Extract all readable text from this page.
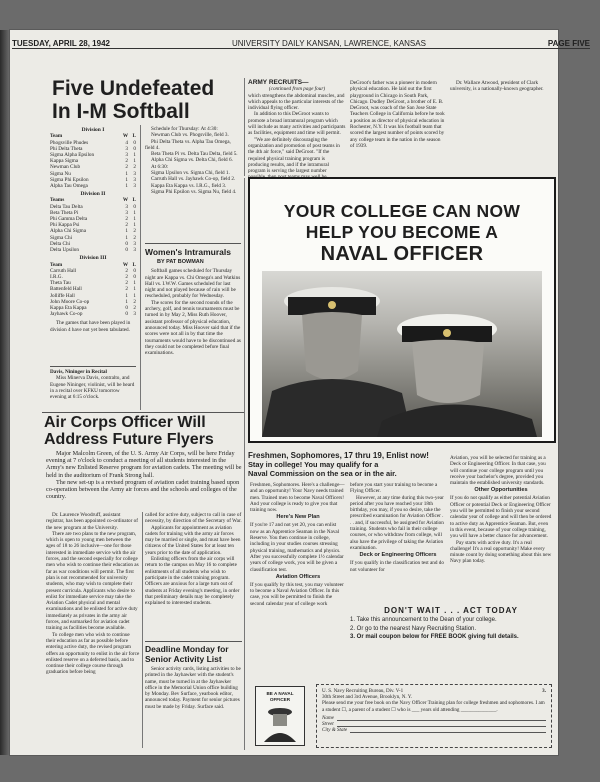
TUESDAY, APRIL 28, 1942	UNIVERSITY DAILY KANSAN, LAWRENCE, KANSAS	PAGE FIVE
Five Undefeated
In I-M Softball
Division I
Team	W	L
Phogsville Phudes	4	0
Phi Delta Theta	3	0
Sigma Alpha Epsilon	3	1
Kappa Sigma	2	1
Newman Club	2	2
Sigma Nu	1	3
Sigma Phi Epsilon	1	3
Alpha Tau Omega	1	3
Division II
Teams	W	L
Delta Tau Delta	3	0
Beta Theta Pi	3	1
Phi Gamma Delta	2	1
Phi Kappa Psi	2	1
Alpha Chi Sigma	1	2
Sigma Chi	1	2
Delta Chi	0	3
Delta Upsilon	0	3
Division III
Team	W	L
Carruth Hall	2	0
I.R.G.	2	0
Theta Tau	2	1
Battenfeld Hall	2	1
Jolliffe Hall	1	1
John Moore Co-op	1	2
Kappa Eta Kappa	0	2
Jayhawk Co-op	0	3
The games that have been played in division 4 have not yet been tabulated.
Davis, Nininger in Recital
Miss Minerva Davis, contralto, and Eugene Nininger, violinist, will be heard in a recital over KFKU tomorrow evening at 6:15 o'clock.
Schedule for Thursday: At 4:30:
Newman Club vs. Phogsville, field 3.
Phi Delta Theta vs. Alpha Tau Omega, field 4.
Beta Theta Pi vs. Delta Tau Delta, field 5.
Alpha Chi Sigma vs. Delta Chi, field 6.
At 6:30:
Sigma Upsilon vs. Sigma Chi, field 1.
Carruth Hall vs. Jayhawk Co-op, field 2.
Kappa Eta Kappa vs. I.R.G., field 3.
Sigma Phi Epsilon vs. Sigma Nu, field 4.
Women's Intramurals
BY PAT BOWMAN
Softball games scheduled for Thursday night are Kappa vs. Chi Omega's and Watkins Hall vs. I.W.W. Games scheduled for last night and not played because of rain will be rescheduled, probably for Wednesday.
The scores for the second rounds of the archery, golf, and tennis tournaments must be turned in by May 2, Miss Ruth Hoover, assistant professor of physical education, announced today. Miss Hoover said that if the scores were not all in by that time the tournaments would have to be discontinued as they could not be completed before final examinations.
ARMY RECRUITS—
(continued from page four)
which strengthens the abdominal muscles, and which appeals to the particular interests of the individual flying officer.
In addition to this DeGroot wants to promote a broad intramural program which will include as many activities and participants as facilities, equipment and time will permit.
"We are definitely discouraging the organization and promotion of post teams in the 4th air force," said DeGroot. "If the required physical training program is producing results, and if the intramural program is serving the largest number
DeGroot's father was a pioneer in modern physical education. He laid out the first playground in Chicago in South Park, Chicago. Dudley DeGroot, a brother of E. B. DeGroot, was coach of the San Jose State Teachers College in California before he took a position as director of physical education in Rochester, N.Y. It was his football team that scored the largest number of points scored by any college team in the nation in the season of 1939.
Dr. Wallace Atwood, president of Clark university, is a nationally-known geographer.
Air Corps Officer Will
Address Future Flyers
Major Malcolm Green, of the U. S. Army Air Corps, will be here Friday evening at 7 o'clock to conduct a meeting of all students interested in the Army's new Enlisted Reserve program for aviation cadets. The meeting will be held in the auditorium of Frank Strong hall.
The new set-up is a revised program of aviation cadet training based upon co-operation between the Army air forces and the schools and colleges of the country.
Dr. Laurence Woodruff, assistant registrar, has been appointed co-ordinator of the new program at the University.
There are two plans to the new program, which is open to young men between the ages of 18 to 26 inclusive—one for those interested in immediate service with the air forces, and the second especially for college men who wish to continue their education as far as war conditions will permit. The first plan is not recommended for university students, who may wish to complete their present curricula. Applicants who desire to enlist for immediate service may take the Aviation Cadet physical and mental examinations and be enlisted for active duty immediately as privates in the army air forces, and earmarked for aviation cadet training as facilities become available.
To college men who wish to continue their education as far as possible before entering active duty, the revised program offers an opportunity to enlist in the air force enlisted reserve on a deferred basis, and to continue their college course through graduation before being
called for active duty, subject to call in case of necessity, by direction of the Secretary of War.
Applicants for appointment as aviation cadets for training with the army air forces may be married or single, and must have been citizens of the United States for at least ten years prior to the date of application.
Enlisting officers from the air corps will return to the campus on May 16 to complete enlistments of all students who wish to participate in the cadet training program. Officers are anxious for a large turn out of students at Friday evening's meeting, in order that preliminary details may be completely explained to interested students.
Deadline Monday for
Senior Activity List
Senior activity cards, listing activities to be printed in the Jayhawker with the student's name, must be turned in at the Jayhawker office in the Memorial Union office building by Monday. Bev Surface, yearbook editor, announced today. Payment for senior pictures must be made by Friday. Surface said.
YOUR COLLEGE CAN NOW
HELP YOU BECOME A
NAVAL OFFICER
Freshmen, Sophomores, 17 thru 19, Enlist now!
Stay in college! You may qualify for a
Naval Commission on the sea or in the air.
Freshmen, Sophomores. Here's a challenge—and an opportunity! Your Navy needs trained men. Trained men to become Naval Officers! And your college is ready to give you that training now.
Here's New Plan
If you're 17 and not yet 20, you can enlist now as an Apprentice Seaman in the Naval Reserve. You then continue in college, including in your studies courses stressing physical training, mathematics and physics. After you successfully complete 1½ calendar years of college work, you will be given a classification test.
Aviation Officers
If you qualify by this test, you may volunteer to become a Naval Aviation Officer. In this case, you will be permitted to finish the second calendar year of college work
before you start your training to become a Flying Officer.
However, at any time during this two-year period after you have reached your 18th birthday, you may, if you so desire, take the prescribed examination for Aviation Officer . . . and, if successful, be assigned for Aviation training. Students who fail in their college courses, or who withdraw from college, will also have the privilege of taking the Aviation examination.
Deck or Engineering Officers
If you qualify in the classification test and do not volunteer for
Aviation, you will be selected for training as a Deck or Engineering Officer. In that case, you will continue your college program until you receive your bachelor's degree, provided you maintain the established university standards.
Other Opportunities
If you do not qualify as either potential Aviation Officer or potential Deck or Engineering Officer you will be permitted to finish your second calendar year of college and will then be ordered to active duty as Apprentice Seaman. But, even in this event, because of your college training, you will have a better chance for advancement.
Pay starts with active duty. It's a real challenge! It's a real opportunity! Make every minute count by doing something about this new Navy plan today.
DON'T WAIT . . . ACT TODAY
1. Take this announcement to the Dean of your college.
2. Or go to the nearest Navy Recruiting Station.
3. Or mail coupon below for FREE BOOK giving full details.
BE A NAVAL
OFFICER
U. S. Navy Recruiting Bureau, Div. V-1
30th Street and 3rd Avenue, Brooklyn, N. Y.
3.
Please send me your free book on the Navy Officer Training plan for college freshmen and sophomores. I am a student ☐, a parent of a student ☐ who is ___ years old attending ______________.
Name
Street
City & State
